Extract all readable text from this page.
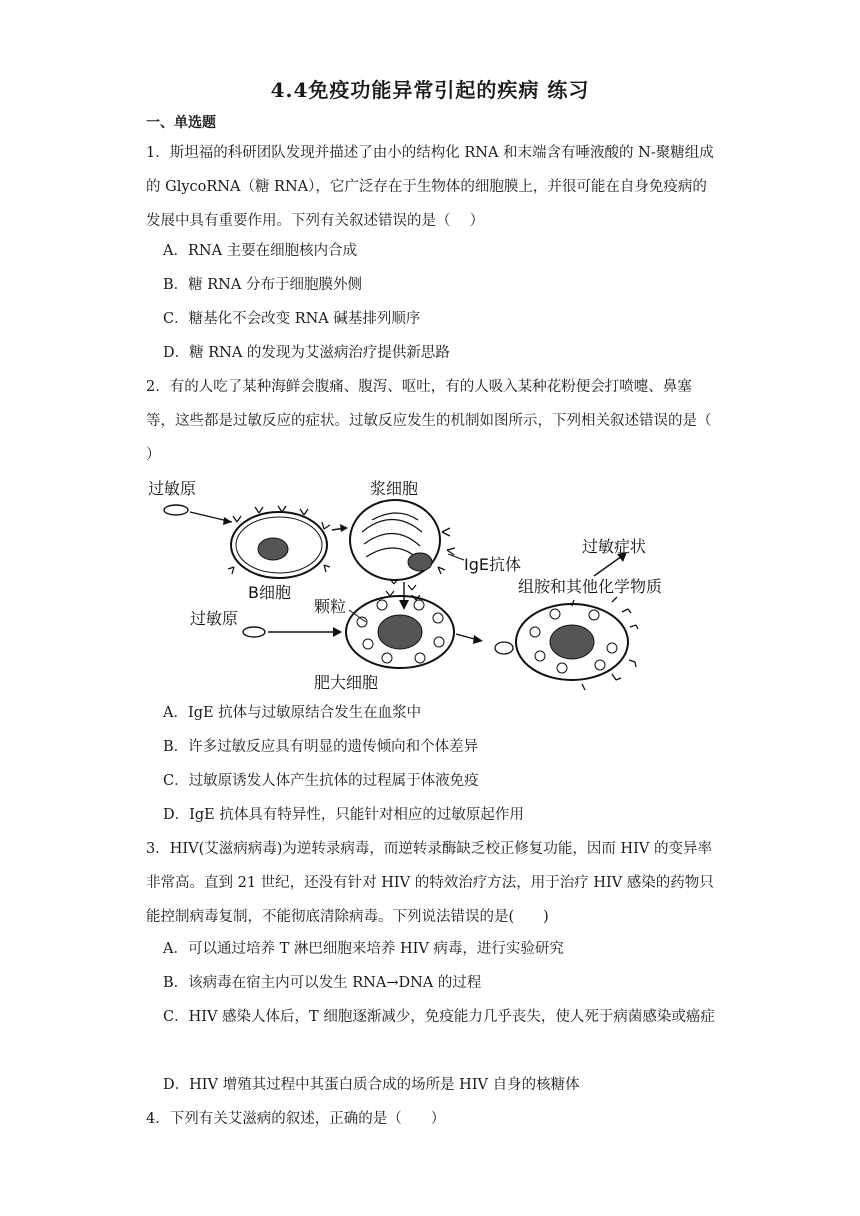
4.4免疫功能异常引起的疾病 练习
一、单选题
1．斯坦福的科研团队发现并描述了由小的结构化 RNA 和末端含有唾液酸的 N-聚糖组成的 GlycoRNA（糖 RNA），它广泛存在于生物体的细胞膜上，并很可能在自身免疫病的发展中具有重要作用。下列有关叙述错误的是（　 ）
A．RNA 主要在细胞核内合成
B．糖 RNA 分布于细胞膜外侧
C．糖基化不会改变 RNA 碱基排列顺序
D．糖 RNA 的发现为艾滋病治疗提供新思路
2．有的人吃了某种海鲜会腹痛、腹泻、呕吐，有的人吸入某种花粉便会打喷嚏、鼻塞等，这些都是过敏反应的症状。过敏反应发生的机制如图所示，下列相关叙述错误的是（　 ）
过敏原
B细胞
浆细胞
IgE抗体
颗粒
过敏原
肥大细胞
组胺和其他化学物质
过敏症状
A．IgE 抗体与过敏原结合发生在血浆中
B．许多过敏反应具有明显的遗传倾向和个体差异
C．过敏原诱发人体产生抗体的过程属于体液免疫
D．IgE 抗体具有特异性，只能针对相应的过敏原起作用
3．HIV(艾滋病病毒)为逆转录病毒，而逆转录酶缺乏校正修复功能，因而 HIV 的变异率非常高。直到 21 世纪，还没有针对 HIV 的特效治疗方法，用于治疗 HIV 感染的药物只能控制病毒复制，不能彻底清除病毒。下列说法错误的是(　　)
A．可以通过培养 T 淋巴细胞来培养 HIV 病毒，进行实验研究
B．该病毒在宿主内可以发生 RNA→DNA 的过程
C．HIV 感染人体后，T 细胞逐渐减少，免疫能力几乎丧失，使人死于病菌感染或癌症
D．HIV 增殖其过程中其蛋白质合成的场所是 HIV 自身的核糖体
4．下列有关艾滋病的叙述，正确的是（　　）
